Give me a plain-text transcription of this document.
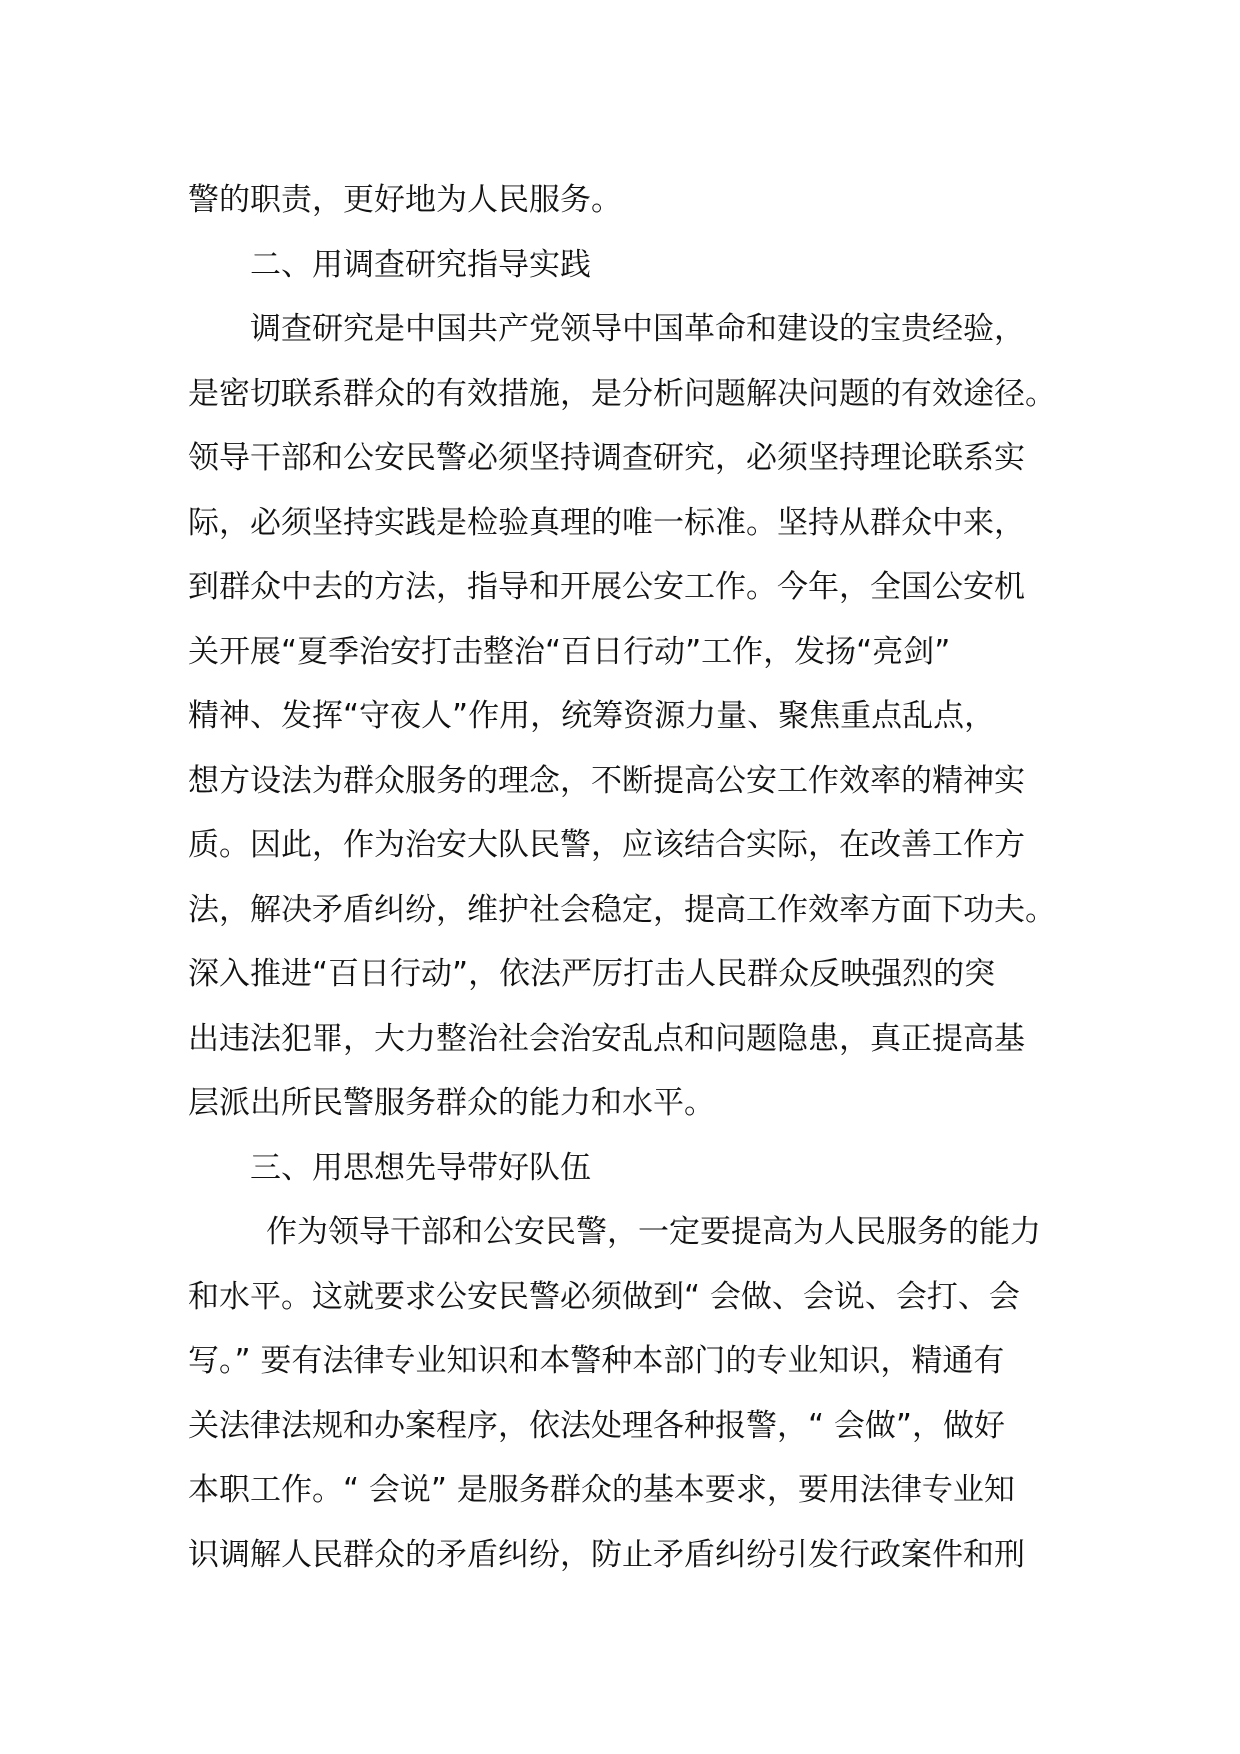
警的职责，更好地为人民服务。
二、用调查研究指导实践
调查研究是中国共产党领导中国革命和建设的宝贵经验，
是密切联系群众的有效措施，是分析问题解决问题的有效途径。
领导干部和公安民警必须坚持调查研究，必须坚持理论联系实
际，必须坚持实践是检验真理的唯一标准。坚持从群众中来，
到群众中去的方法，指导和开展公安工作。今年，全国公安机
关开展“夏季治安打击整治“百日行动”工作，发扬“亮剑”
精神、发挥“守夜人”作用，统筹资源力量、聚焦重点乱点，
想方设法为群众服务的理念，不断提高公安工作效率的精神实
质。因此，作为治安大队民警，应该结合实际，在改善工作方
法，解决矛盾纠纷，维护社会稳定，提高工作效率方面下功夫。
深入推进“百日行动”，依法严厉打击人民群众反映强烈的突
出违法犯罪，大力整治社会治安乱点和问题隐患，真正提高基
层派出所民警服务群众的能力和水平。
三、用思想先导带好队伍
作为领导干部和公安民警，一定要提高为人民服务的能力
和水平。这就要求公安民警必须做到“ 会做、会说、会打、会
写。” 要有法律专业知识和本警种本部门的专业知识，精通有
关法律法规和办案程序，依法处理各种报警，“ 会做”，做好
本职工作。“ 会说” 是服务群众的基本要求，要用法律专业知
识调解人民群众的矛盾纠纷，防止矛盾纠纷引发行政案件和刑
